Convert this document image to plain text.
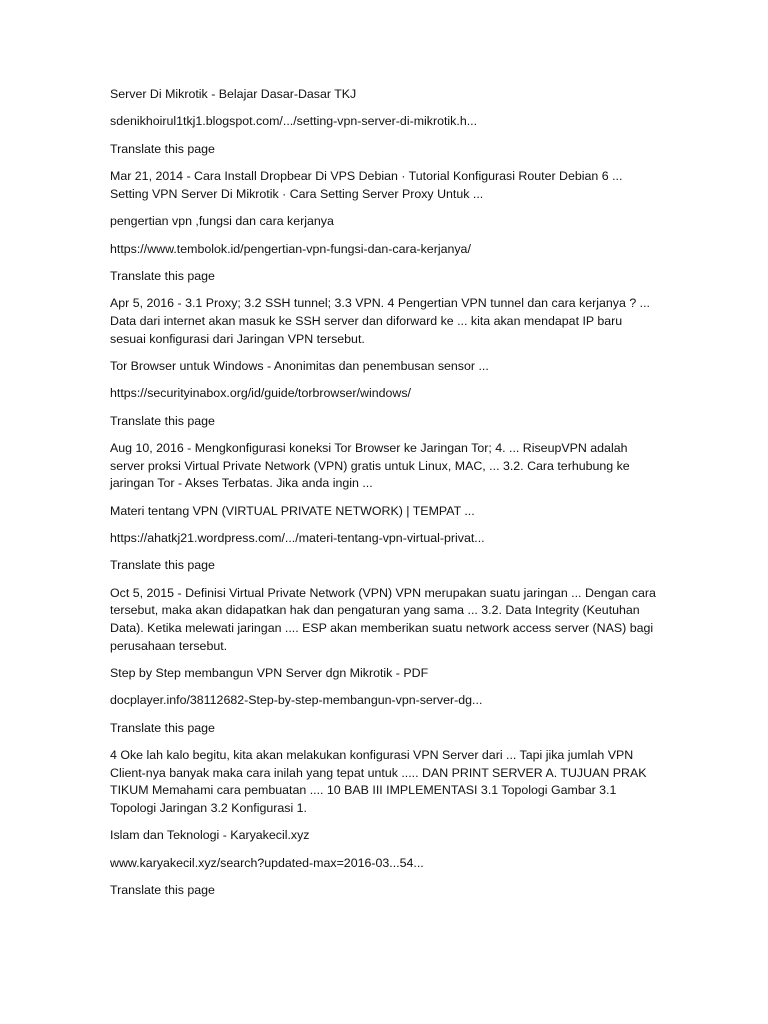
Server Di Mikrotik - Belajar Dasar-Dasar TKJ
sdenikhoirul1tkj1.blogspot.com/.../setting-vpn-server-di-mikrotik.h...
Translate this page

Mar 21, 2014 - Cara Install Dropbear Di VPS Debian · Tutorial Konfigurasi Router Debian 6 ...

Setting VPN Server Di Mikrotik · Cara Setting Server Proxy Untuk ...

pengertian vpn ,fungsi dan cara kerjanya
https://www.tembolok.id/pengertian-vpn-fungsi-dan-cara-kerjanya/
Translate this page

Apr 5, 2016 - 3.1 Proxy; 3.2 SSH tunnel; 3.3 VPN. 4 Pengertian VPN tunnel dan cara kerjanya ? ...

Data dari internet akan masuk ke SSH server dan diforward ke ... kita akan mendapat IP baru

sesuai konfigurasi dari Jaringan VPN tersebut.

Tor Browser untuk Windows - Anonimitas dan penembusan sensor ...
https://securityinabox.org/id/guide/torbrowser/windows/
Translate this page

Aug 10, 2016 - Mengkonfigurasi koneksi Tor Browser ke Jaringan Tor; 4. ... RiseupVPN adalah

server proksi Virtual Private Network (VPN) gratis untuk Linux, MAC, ... 3.2. Cara terhubung ke

jaringan Tor - Akses Terbatas. Jika anda ingin ...

Materi tentang VPN (VIRTUAL PRIVATE NETWORK) | TEMPAT ...
https://ahatkj21.wordpress.com/.../materi-tentang-vpn-virtual-privat...
Translate this page

Oct 5, 2015 - Definisi Virtual Private Network (VPN) VPN merupakan suatu jaringan ... Dengan cara

tersebut, maka akan didapatkan hak dan pengaturan yang sama ... 3.2. Data Integrity (Keutuhan

Data). Ketika melewati jaringan .... ESP akan memberikan suatu network access server (NAS) bagi

perusahaan tersebut.

Step by Step membangun VPN Server dgn Mikrotik - PDF
docplayer.info/38112682-Step-by-step-membangun-vpn-server-dg...
Translate this page

4 Oke lah kalo begitu, kita akan melakukan konfigurasi VPN Server dari ... Tapi jika jumlah VPN

Client-nya banyak maka cara inilah yang tepat untuk ..... DAN PRINT SERVER A. TUJUAN PRAK

TIKUM Memahami cara pembuatan .... 10 BAB III IMPLEMENTASI 3.1 Topologi Gambar 3.1

Topologi Jaringan 3.2 Konfigurasi 1.

Islam dan Teknologi - Karyakecil.xyz
www.karyakecil.xyz/search?updated-max=2016-03...54...
Translate this page
